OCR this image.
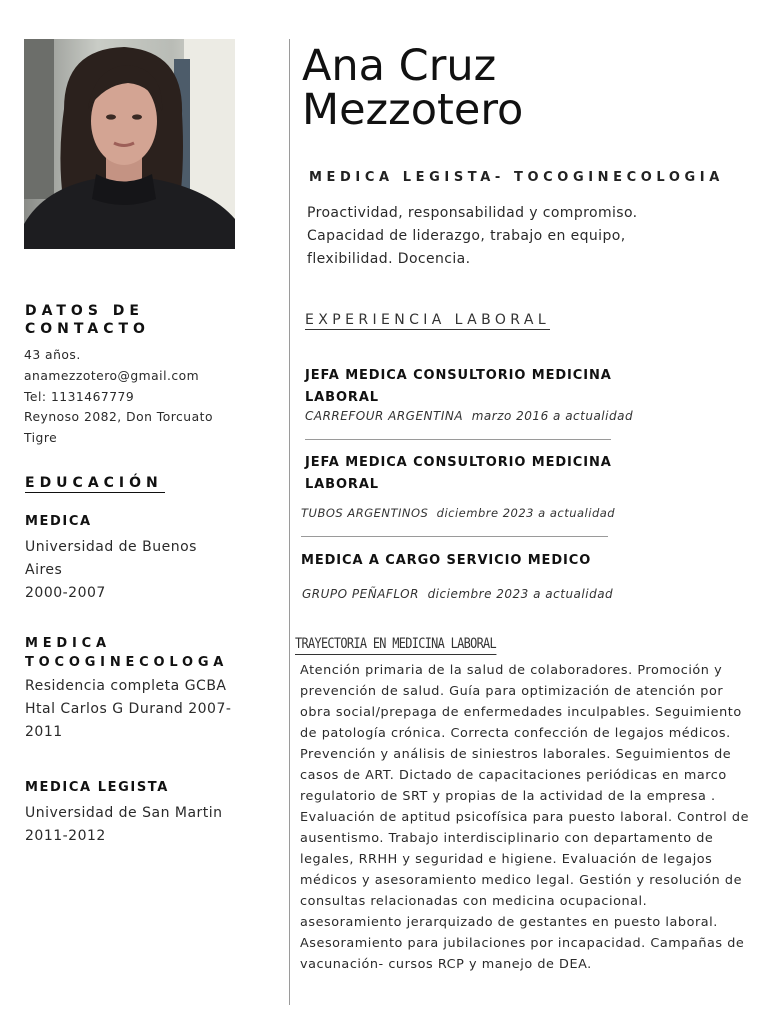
Ana Cruz
Mezzotero
MEDICA LEGISTA- TOCOGINECOLOGIA
Proactividad, responsabilidad y compromiso.
Capacidad de liderazgo, trabajo en equipo,
flexibilidad. Docencia.
DATOS DE
CONTACTO
43 años.
anamezzotero@gmail.com
Tel: 1131467779
Reynoso 2082, Don Torcuato
Tigre
EDUCACIÓN
MEDICA
Universidad de Buenos
Aires
2000-2007
MEDICA
TOCOGINECOLOGA
Residencia completa GCBA
Htal Carlos G Durand 2007-
2011
MEDICA LEGISTA
Universidad de San Martin
2011-2012
EXPERIENCIA LABORAL
JEFA MEDICA CONSULTORIO MEDICINA
LABORAL
CARREFOUR ARGENTINA marzo 2016 a actualidad
JEFA MEDICA CONSULTORIO MEDICINA
LABORAL
TUBOS ARGENTINOS diciembre 2023 a actualidad
MEDICA A CARGO SERVICIO MEDICO
GRUPO PEÑAFLOR diciembre 2023 a actualidad
TRAYECTORIA EN MEDICINA LABORAL
Atención primaria de la salud de colaboradores. Promoción y
prevención de salud. Guía para optimización de atención por
obra social/prepaga de enfermedades inculpables. Seguimiento
de patología crónica. Correcta confección de legajos médicos.
Prevención y análisis de siniestros laborales. Seguimientos de
casos de ART. Dictado de capacitaciones periódicas en marco
regulatorio de SRT y propias de la actividad de la empresa .
Evaluación de aptitud psicofísica para puesto laboral. Control de
ausentismo. Trabajo interdisciplinario con departamento de
legales, RRHH y seguridad e higiene. Evaluación de legajos
médicos y asesoramiento medico legal. Gestión y resolución de
consultas relacionadas con medicina ocupacional.
asesoramiento jerarquizado de gestantes en puesto laboral.
Asesoramiento para jubilaciones por incapacidad. Campañas de
vacunación- cursos RCP y manejo de DEA.
